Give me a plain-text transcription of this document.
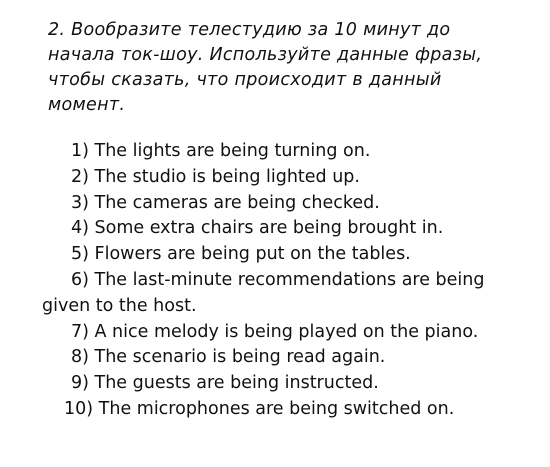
2. Вообразите телестудию за 10 минут до начала ток-шоу. Используйте данные фразы, чтобы сказать, что происходит в данный момент.

1) The lights are being turning on.
2) The studio is being lighted up.
3) The cameras are being checked.
4) Some extra chairs are being brought in.
5) Flowers are being put on the tables.
6) The last-minute recommendations are being
given to the host.
7) A nice melody is being played on the piano.
8) The scenario is being read again.
9) The guests are being instructed.
10) The microphones are being switched on.
